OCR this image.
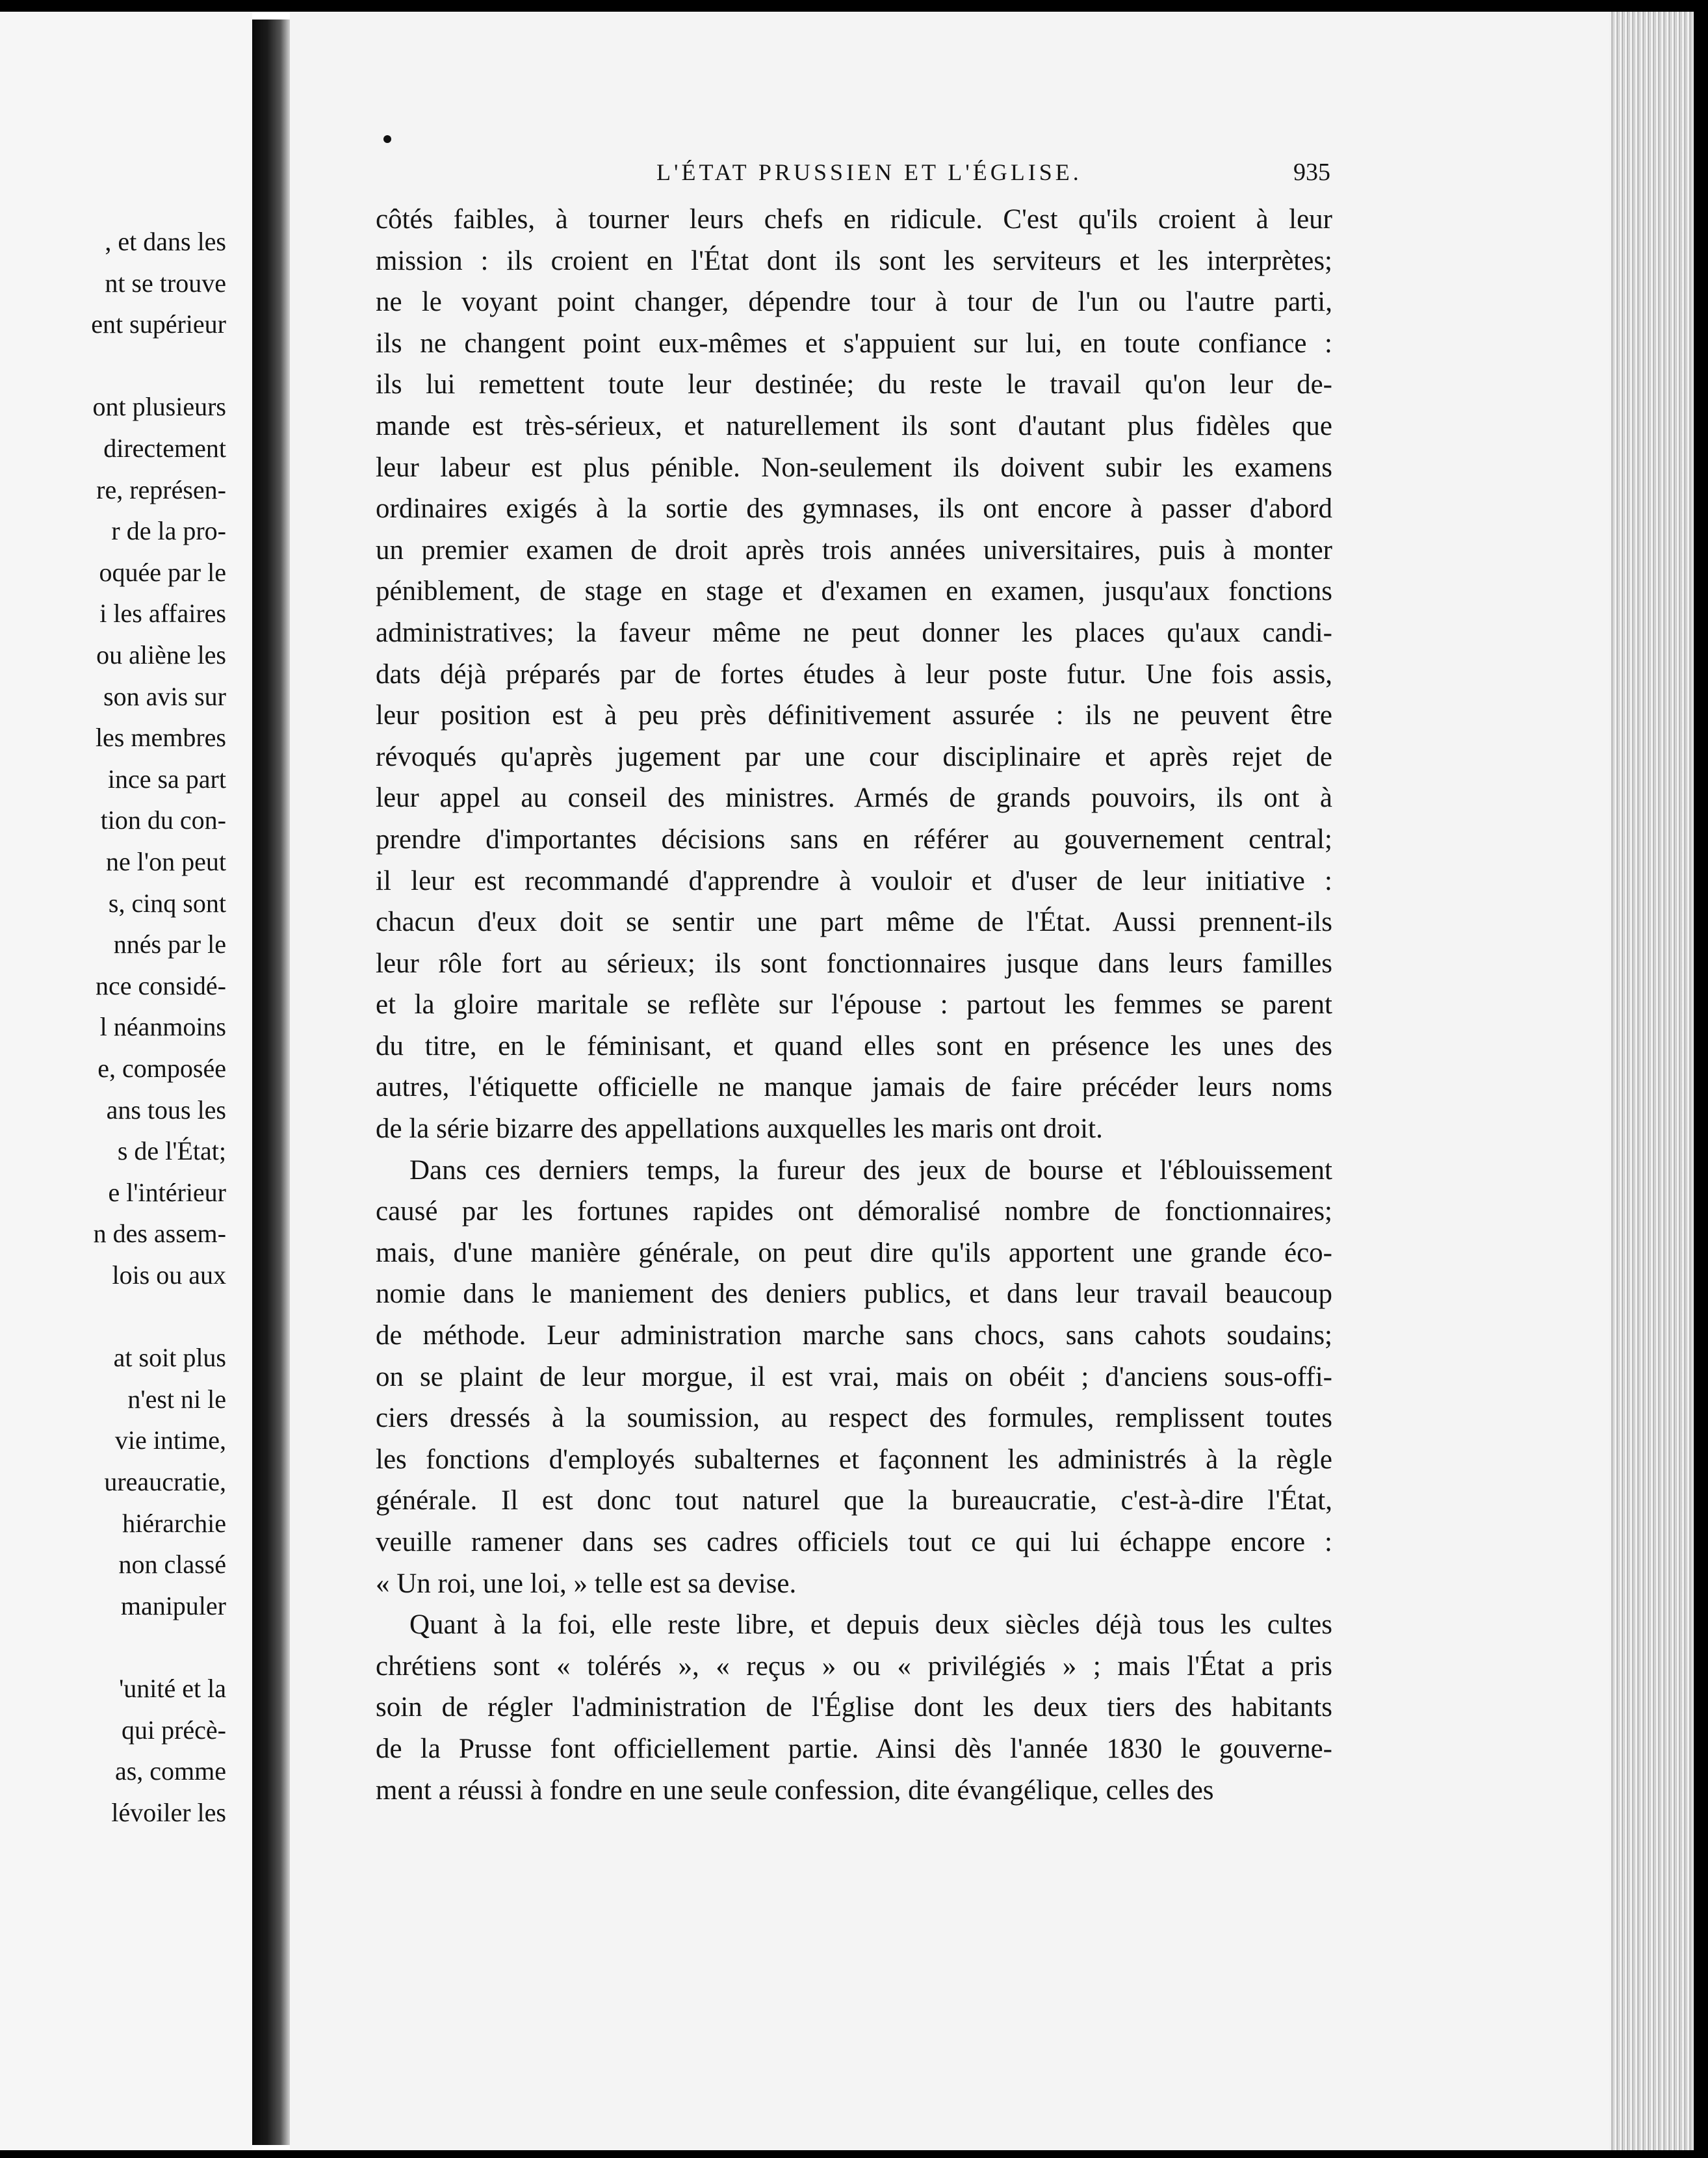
, et dans les
nt se trouve
ent supérieur
ont plusieurs
directement
re, représen-
r de la pro-
oquée par le
i les affaires
ou aliène les
son avis sur
les membres
ince sa part
tion du con-
ne l'on peut
s, cinq sont
nnés par le
nce considé-
l néanmoins
e, composée
ans tous les
s de l'État;
e l'intérieur
n des assem-
lois ou aux
at soit plus
n'est ni le
vie intime,
ureaucratie,
hiérarchie
non classé
manipuler
'unité et la
qui précè-
as, comme
lévoiler les
L'ÉTAT PRUSSIEN ET L'ÉGLISE.	935
côtés faibles, à tourner leurs chefs en ridicule. C'est qu'ils croient à leur
mission : ils croient en l'État dont ils sont les serviteurs et les interprètes;
ne le voyant point changer, dépendre tour à tour de l'un ou l'autre parti,
ils ne changent point eux-mêmes et s'appuient sur lui, en toute confiance :
ils lui remettent toute leur destinée; du reste le travail qu'on leur de-
mande est très-sérieux, et naturellement ils sont d'autant plus fidèles que
leur labeur est plus pénible. Non-seulement ils doivent subir les examens
ordinaires exigés à la sortie des gymnases, ils ont encore à passer d'abord
un premier examen de droit après trois années universitaires, puis à monter
péniblement, de stage en stage et d'examen en examen, jusqu'aux fonctions
administratives; la faveur même ne peut donner les places qu'aux candi-
dats déjà préparés par de fortes études à leur poste futur. Une fois assis,
leur position est à peu près définitivement assurée : ils ne peuvent être
révoqués qu'après jugement par une cour disciplinaire et après rejet de
leur appel au conseil des ministres. Armés de grands pouvoirs, ils ont à
prendre d'importantes décisions sans en référer au gouvernement central;
il leur est recommandé d'apprendre à vouloir et d'user de leur initiative :
chacun d'eux doit se sentir une part même de l'État. Aussi prennent-ils
leur rôle fort au sérieux; ils sont fonctionnaires jusque dans leurs familles
et la gloire maritale se reflète sur l'épouse : partout les femmes se parent
du titre, en le féminisant, et quand elles sont en présence les unes des
autres, l'étiquette officielle ne manque jamais de faire précéder leurs noms
de la série bizarre des appellations auxquelles les maris ont droit.
Dans ces derniers temps, la fureur des jeux de bourse et l'éblouissement
causé par les fortunes rapides ont démoralisé nombre de fonctionnaires;
mais, d'une manière générale, on peut dire qu'ils apportent une grande éco-
nomie dans le maniement des deniers publics, et dans leur travail beaucoup
de méthode. Leur administration marche sans chocs, sans cahots soudains;
on se plaint de leur morgue, il est vrai, mais on obéit ; d'anciens sous-offi-
ciers dressés à la soumission, au respect des formules, remplissent toutes
les fonctions d'employés subalternes et façonnent les administrés à la règle
générale. Il est donc tout naturel que la bureaucratie, c'est-à-dire l'État,
veuille ramener dans ses cadres officiels tout ce qui lui échappe encore :
« Un roi, une loi, » telle est sa devise.
Quant à la foi, elle reste libre, et depuis deux siècles déjà tous les cultes
chrétiens sont « tolérés », « reçus » ou « privilégiés » ; mais l'État a pris
soin de régler l'administration de l'Église dont les deux tiers des habitants
de la Prusse font officiellement partie. Ainsi dès l'année 1830 le gouverne-
ment a réussi à fondre en une seule confession, dite évangélique, celles des
